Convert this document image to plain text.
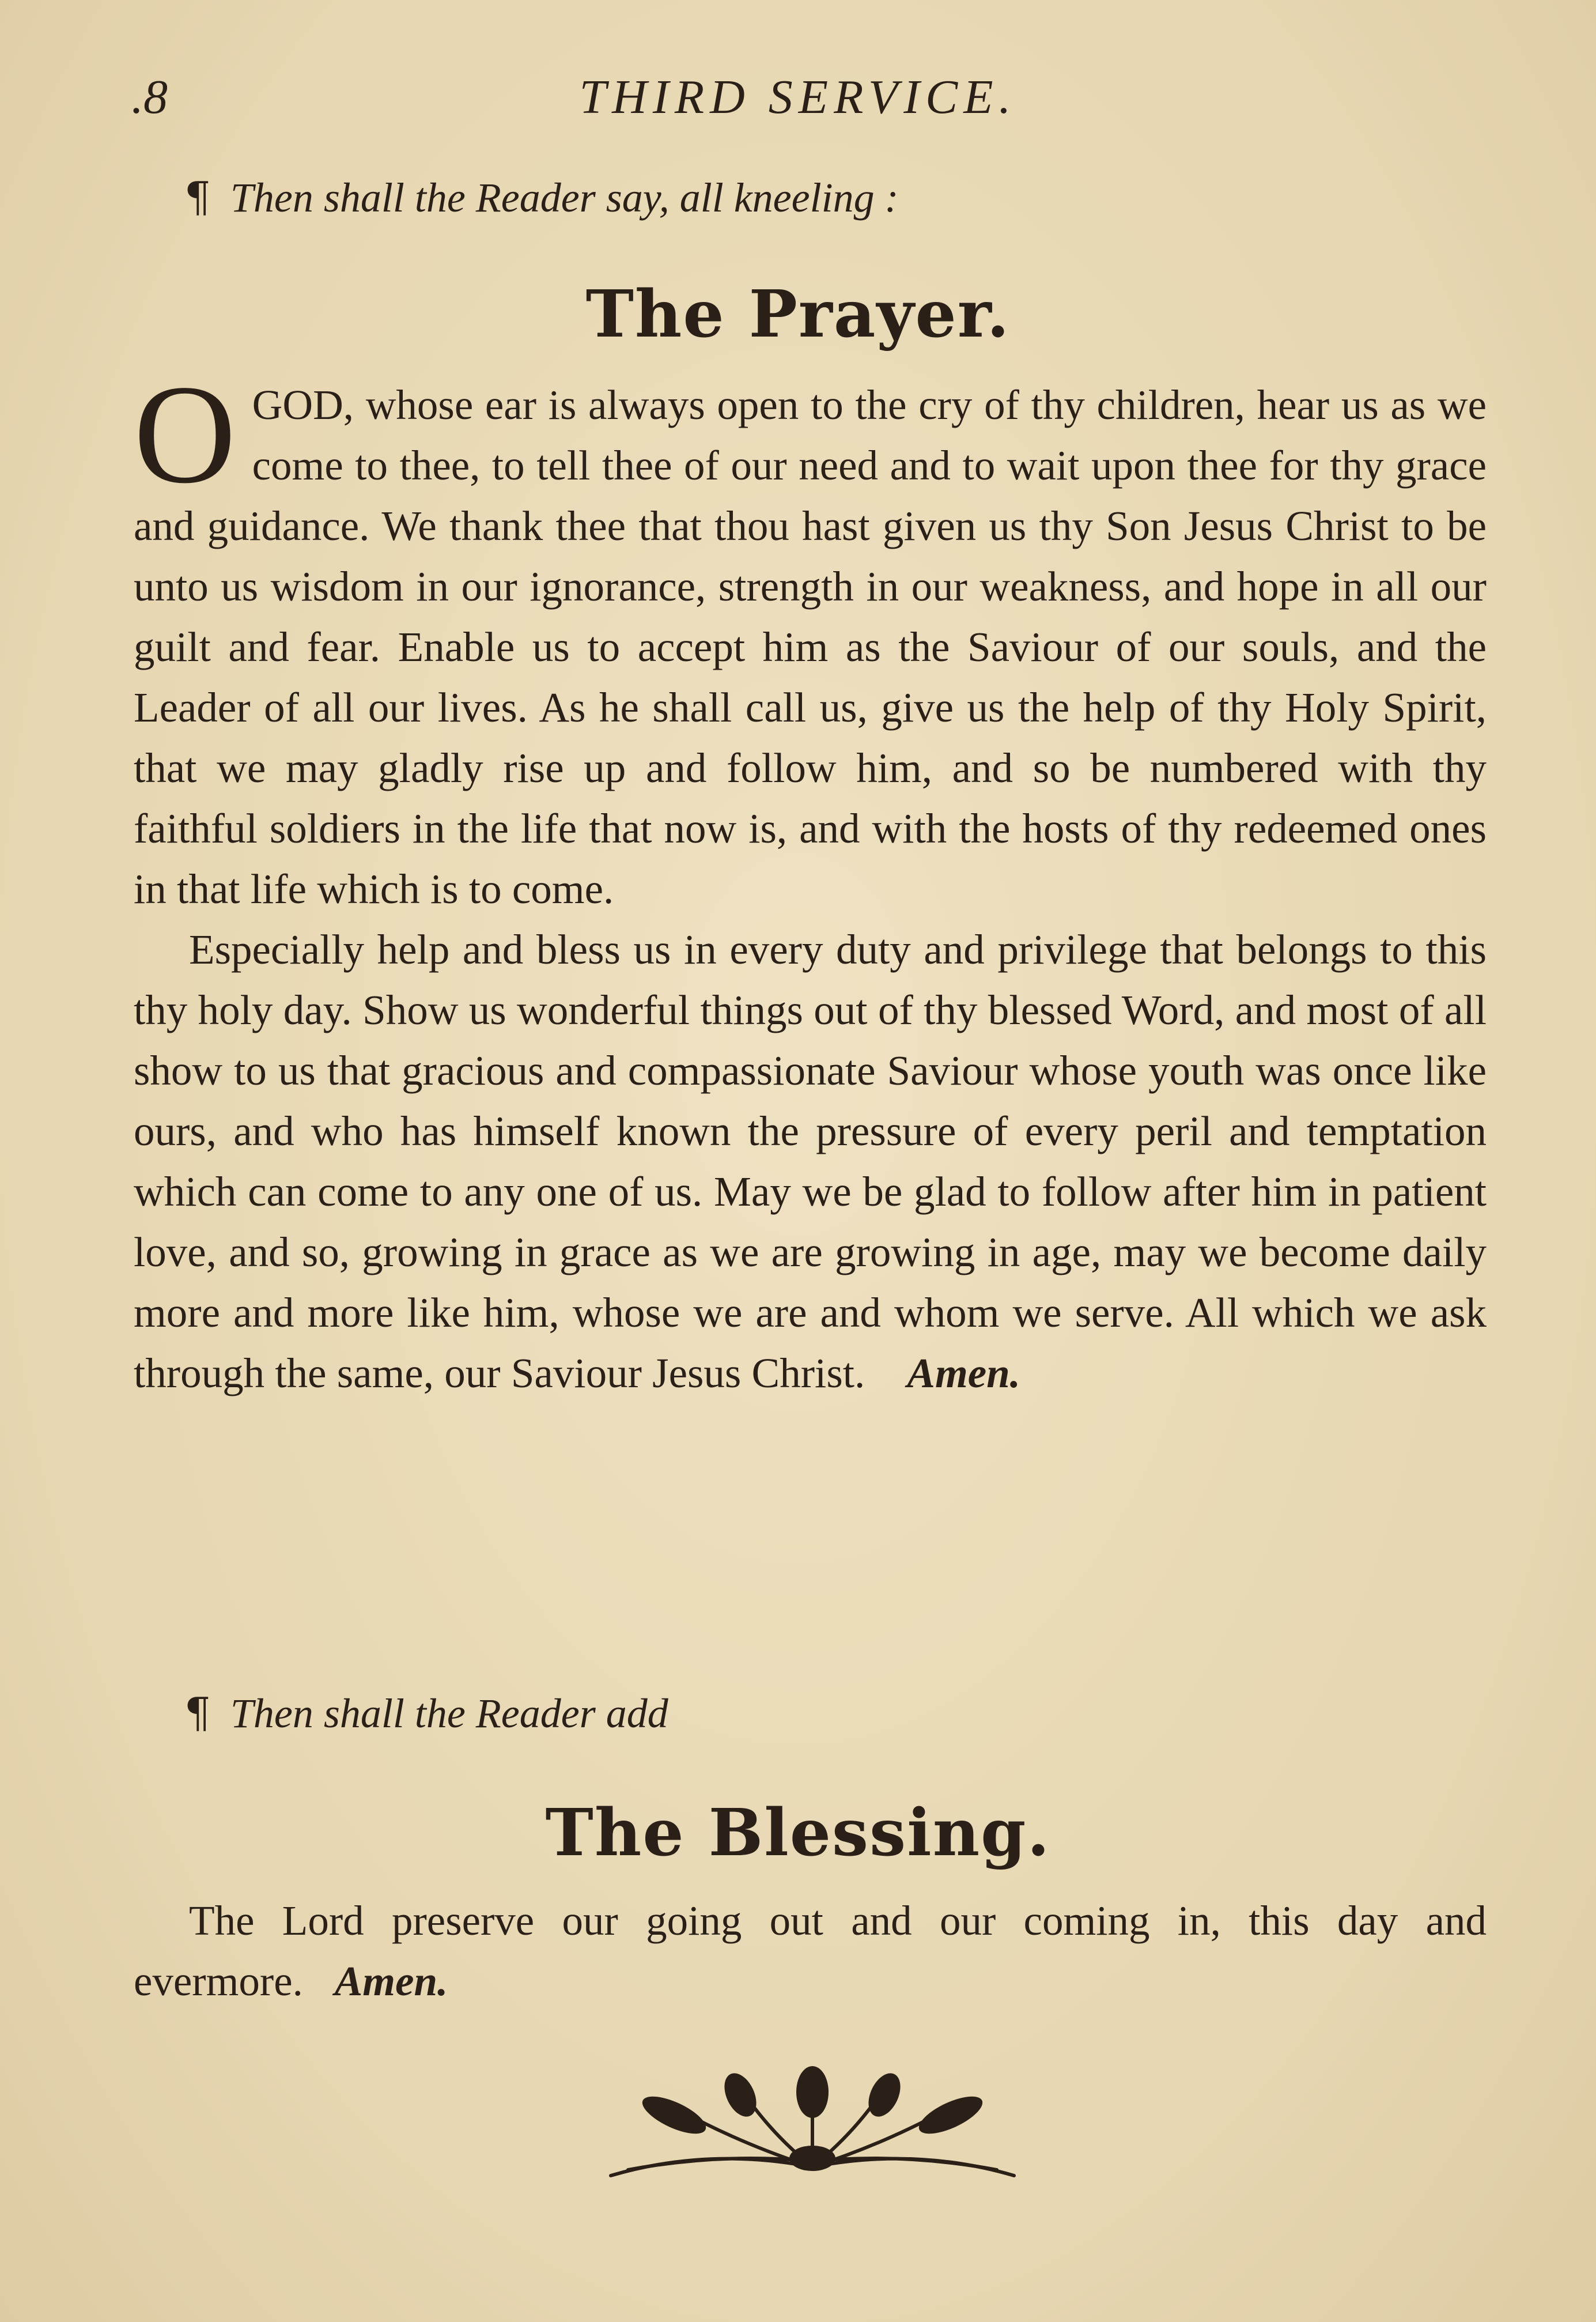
.8	THIRD SERVICE.
¶ Then shall the Reader say, all kneeling :
The Prayer.

OGOD, whose ear is always open to the cry of thy children, hear us as we come to thee, to tell thee of our need and to wait upon thee for thy grace and guidance. We thank thee that thou hast given us thy Son Jesus Christ to be unto us wisdom in our ignorance, strength in our weakness, and hope in all our guilt and fear. Enable us to accept him as the Saviour of our souls, and the Leader of all our lives. As he shall call us, give us the help of thy Holy Spirit, that we may gladly rise up and follow him, and so be numbered with thy faithful soldiers in the life that now is, and with the hosts of thy redeemed ones in that life which is to come.

Especially help and bless us in every duty and privilege that belongs to this thy holy day. Show us wonderful things out of thy blessed Word, and most of all show to us that gracious and compassionate Saviour whose youth was once like ours, and who has himself known the pressure of every peril and temptation which can come to any one of us. May we be glad to follow after him in patient love, and so, growing in grace as we are growing in age, may we become daily more and more like him, whose we are and whom we serve. All which we ask through the same, our Saviour Jesus Christ. Amen.

¶ Then shall the Reader add
The Blessing.

The Lord preserve our going out and our coming in, this day and evermore. Amen.
